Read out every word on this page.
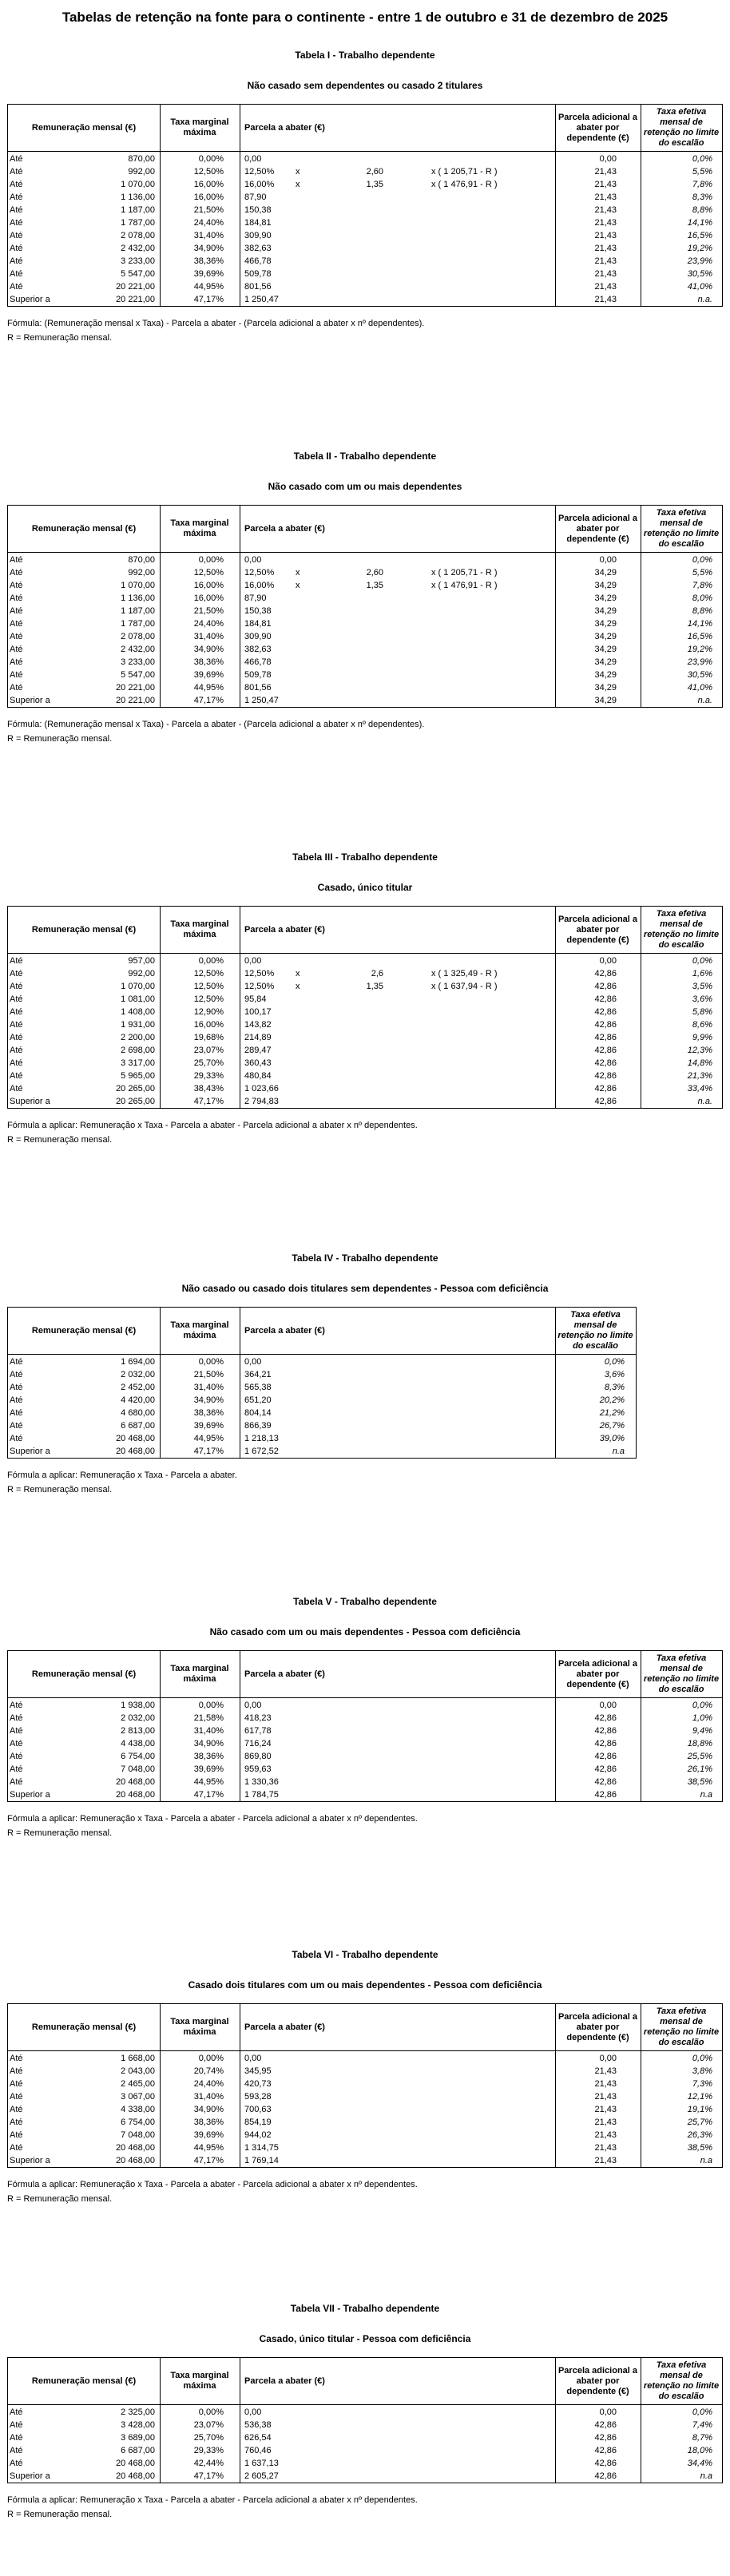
Tabelas de retenção na fonte para o continente - entre 1 de outubro e 31 de dezembro de 2025
Tabela I - Trabalho dependente
Não casado sem dependentes ou casado 2 titulares
Remuneração mensal (€)
Taxa marginal máxima
Parcela a abater (€)
Parcela adicional a abater por dependente (€)
Taxa efetiva mensal de retenção no limite do escalão
Até	870,00	0,00% 0,00	0,00	0,0%
Até	992,00	12,50% 12,50%	x	2,60	x ( 1 205,71 - R )	21,43	5,5%
Até	1 070,00	16,00% 16,00%	x	1,35	x ( 1 476,91 - R )	21,43	7,8%
Até	1 136,00	16,00% 87,90	21,43	8,3%
Até	1 187,00	21,50% 150,38	21,43	8,8%
Até	1 787,00	24,40% 184,81	21,43	14,1%
Até	2 078,00	31,40% 309,90	21,43	16,5%
Até	2 432,00	34,90% 382,63	21,43	19,2%
Até	3 233,00	38,36% 466,78	21,43	23,9%
Até	5 547,00	39,69% 509,78	21,43	30,5%
Até	20 221,00	44,95% 801,56	21,43	41,0%
Superior a	20 221,00	47,17% 1 250,47	21,43	n.a.
Fórmula: (Remuneração mensal x Taxa) - Parcela a abater - (Parcela adicional a abater x nº dependentes).
R = Remuneração mensal.
Tabela II - Trabalho dependente
Não casado com um ou mais dependentes
Remuneração mensal (€)
Taxa marginal máxima
Parcela a abater (€)
Parcela adicional a abater por dependente (€)
Taxa efetiva mensal de retenção no limite do escalão
Até	870,00	0,00% 0,00	0,00	0,0%
Até	992,00	12,50% 12,50%	x	2,60	x ( 1 205,71 - R )	34,29	5,5%
Até	1 070,00	16,00% 16,00%	x	1,35	x ( 1 476,91 - R )	34,29	7,8%
Até	1 136,00	16,00% 87,90	34,29	8,0%
Até	1 187,00	21,50% 150,38	34,29	8,8%
Até	1 787,00	24,40% 184,81	34,29	14,1%
Até	2 078,00	31,40% 309,90	34,29	16,5%
Até	2 432,00	34,90% 382,63	34,29	19,2%
Até	3 233,00	38,36% 466,78	34,29	23,9%
Até	5 547,00	39,69% 509,78	34,29	30,5%
Até	20 221,00	44,95% 801,56	34,29	41,0%
Superior a	20 221,00	47,17% 1 250,47	34,29	n.a.
Fórmula: (Remuneração mensal x Taxa) - Parcela a abater - (Parcela adicional a abater x nº dependentes).
R = Remuneração mensal.
Tabela III - Trabalho dependente
Casado, único titular
Remuneração mensal (€)
Taxa marginal máxima
Parcela a abater (€)
Parcela adicional a abater por dependente (€)
Taxa efetiva mensal de retenção no limite do escalão
Até	957,00	0,00% 0,00	0,00	0,0%
Até	992,00	12,50% 12,50%	x	2,6	x ( 1 325,49 - R )	42,86	1,6%
Até	1 070,00	12,50% 12,50%	x	1,35	x ( 1 637,94 - R )	42,86	3,5%
Até	1 081,00	12,50% 95,84	42,86	3,6%
Até	1 408,00	12,90% 100,17	42,86	5,8%
Até	1 931,00	16,00% 143,82	42,86	8,6%
Até	2 200,00	19,68% 214,89	42,86	9,9%
Até	2 698,00	23,07% 289,47	42,86	12,3%
Até	3 317,00	25,70% 360,43	42,86	14,8%
Até	5 965,00	29,33% 480,84	42,86	21,3%
Até	20 265,00	38,43% 1 023,66	42,86	33,4%
Superior a	20 265,00	47,17% 2 794,83	42,86	n.a.
Fórmula a aplicar: Remuneração x Taxa - Parcela a abater - Parcela adicional a abater x nº dependentes.
R = Remuneração mensal.
Tabela IV - Trabalho dependente
Não casado ou casado dois titulares sem dependentes - Pessoa com deficiência
Remuneração mensal (€)
Taxa marginal máxima
Parcela a abater (€)
Taxa efetiva mensal de retenção no limite do escalão
Até	1 694,00	0,00% 0,00	0,0%
Até	2 032,00	21,50% 364,21	3,6%
Até	2 452,00	31,40% 565,38	8,3%
Até	4 420,00	34,90% 651,20	20,2%
Até	4 680,00	38,36% 804,14	21,2%
Até	6 687,00	39,69% 866,39	26,7%
Até	20 468,00	44,95% 1 218,13	39,0%
Superior a	20 468,00	47,17% 1 672,52	n.a
Fórmula a aplicar: Remuneração x Taxa - Parcela a abater.
R = Remuneração mensal.
Tabela V - Trabalho dependente
Não casado com um ou mais dependentes - Pessoa com deficiência
Remuneração mensal (€)
Taxa marginal máxima
Parcela a abater (€)
Parcela adicional a abater por dependente (€)
Taxa efetiva mensal de retenção no limite do escalão
Até	1 938,00	0,00% 0,00	0,00	0,0%
Até	2 032,00	21,58% 418,23	42,86	1,0%
Até	2 813,00	31,40% 617,78	42,86	9,4%
Até	4 438,00	34,90% 716,24	42,86	18,8%
Até	6 754,00	38,36% 869,80	42,86	25,5%
Até	7 048,00	39,69% 959,63	42,86	26,1%
Até	20 468,00	44,95% 1 330,36	42,86	38,5%
Superior a	20 468,00	47,17% 1 784,75	42,86	n.a
Fórmula a aplicar: Remuneração x Taxa - Parcela a abater - Parcela adicional a abater x nº dependentes.
R = Remuneração mensal.
Tabela VI - Trabalho dependente
Casado dois titulares com um ou mais dependentes - Pessoa com deficiência
Remuneração mensal (€)
Taxa marginal máxima
Parcela a abater (€)
Parcela adicional a abater por dependente (€)
Taxa efetiva mensal de retenção no limite do escalão
Até	1 668,00	0,00% 0,00	0,00	0,0%
Até	2 043,00	20,74% 345,95	21,43	3,8%
Até	2 465,00	24,40% 420,73	21,43	7,3%
Até	3 067,00	31,40% 593,28	21,43	12,1%
Até	4 338,00	34,90% 700,63	21,43	19,1%
Até	6 754,00	38,36% 854,19	21,43	25,7%
Até	7 048,00	39,69% 944,02	21,43	26,3%
Até	20 468,00	44,95% 1 314,75	21,43	38,5%
Superior a	20 468,00	47,17% 1 769,14	21,43	n.a
Fórmula a aplicar: Remuneração x Taxa - Parcela a abater - Parcela adicional a abater x nº dependentes.
R = Remuneração mensal.
Tabela VII - Trabalho dependente
Casado, único titular - Pessoa com deficiência
Remuneração mensal (€)
Taxa marginal máxima
Parcela a abater (€)
Parcela adicional a abater por dependente (€)
Taxa efetiva mensal de retenção no limite do escalão
Até	2 325,00	0,00% 0,00	0,00	0,0%
Até	3 428,00	23,07% 536,38	42,86	7,4%
Até	3 689,00	25,70% 626,54	42,86	8,7%
Até	6 687,00	29,33% 760,46	42,86	18,0%
Até	20 468,00	42,44% 1 637,13	42,86	34,4%
Superior a	20 468,00	47,17% 2 605,27	42,86	n.a
Fórmula a aplicar: Remuneração x Taxa - Parcela a abater - Parcela adicional a abater x nº dependentes.
R = Remuneração mensal.
